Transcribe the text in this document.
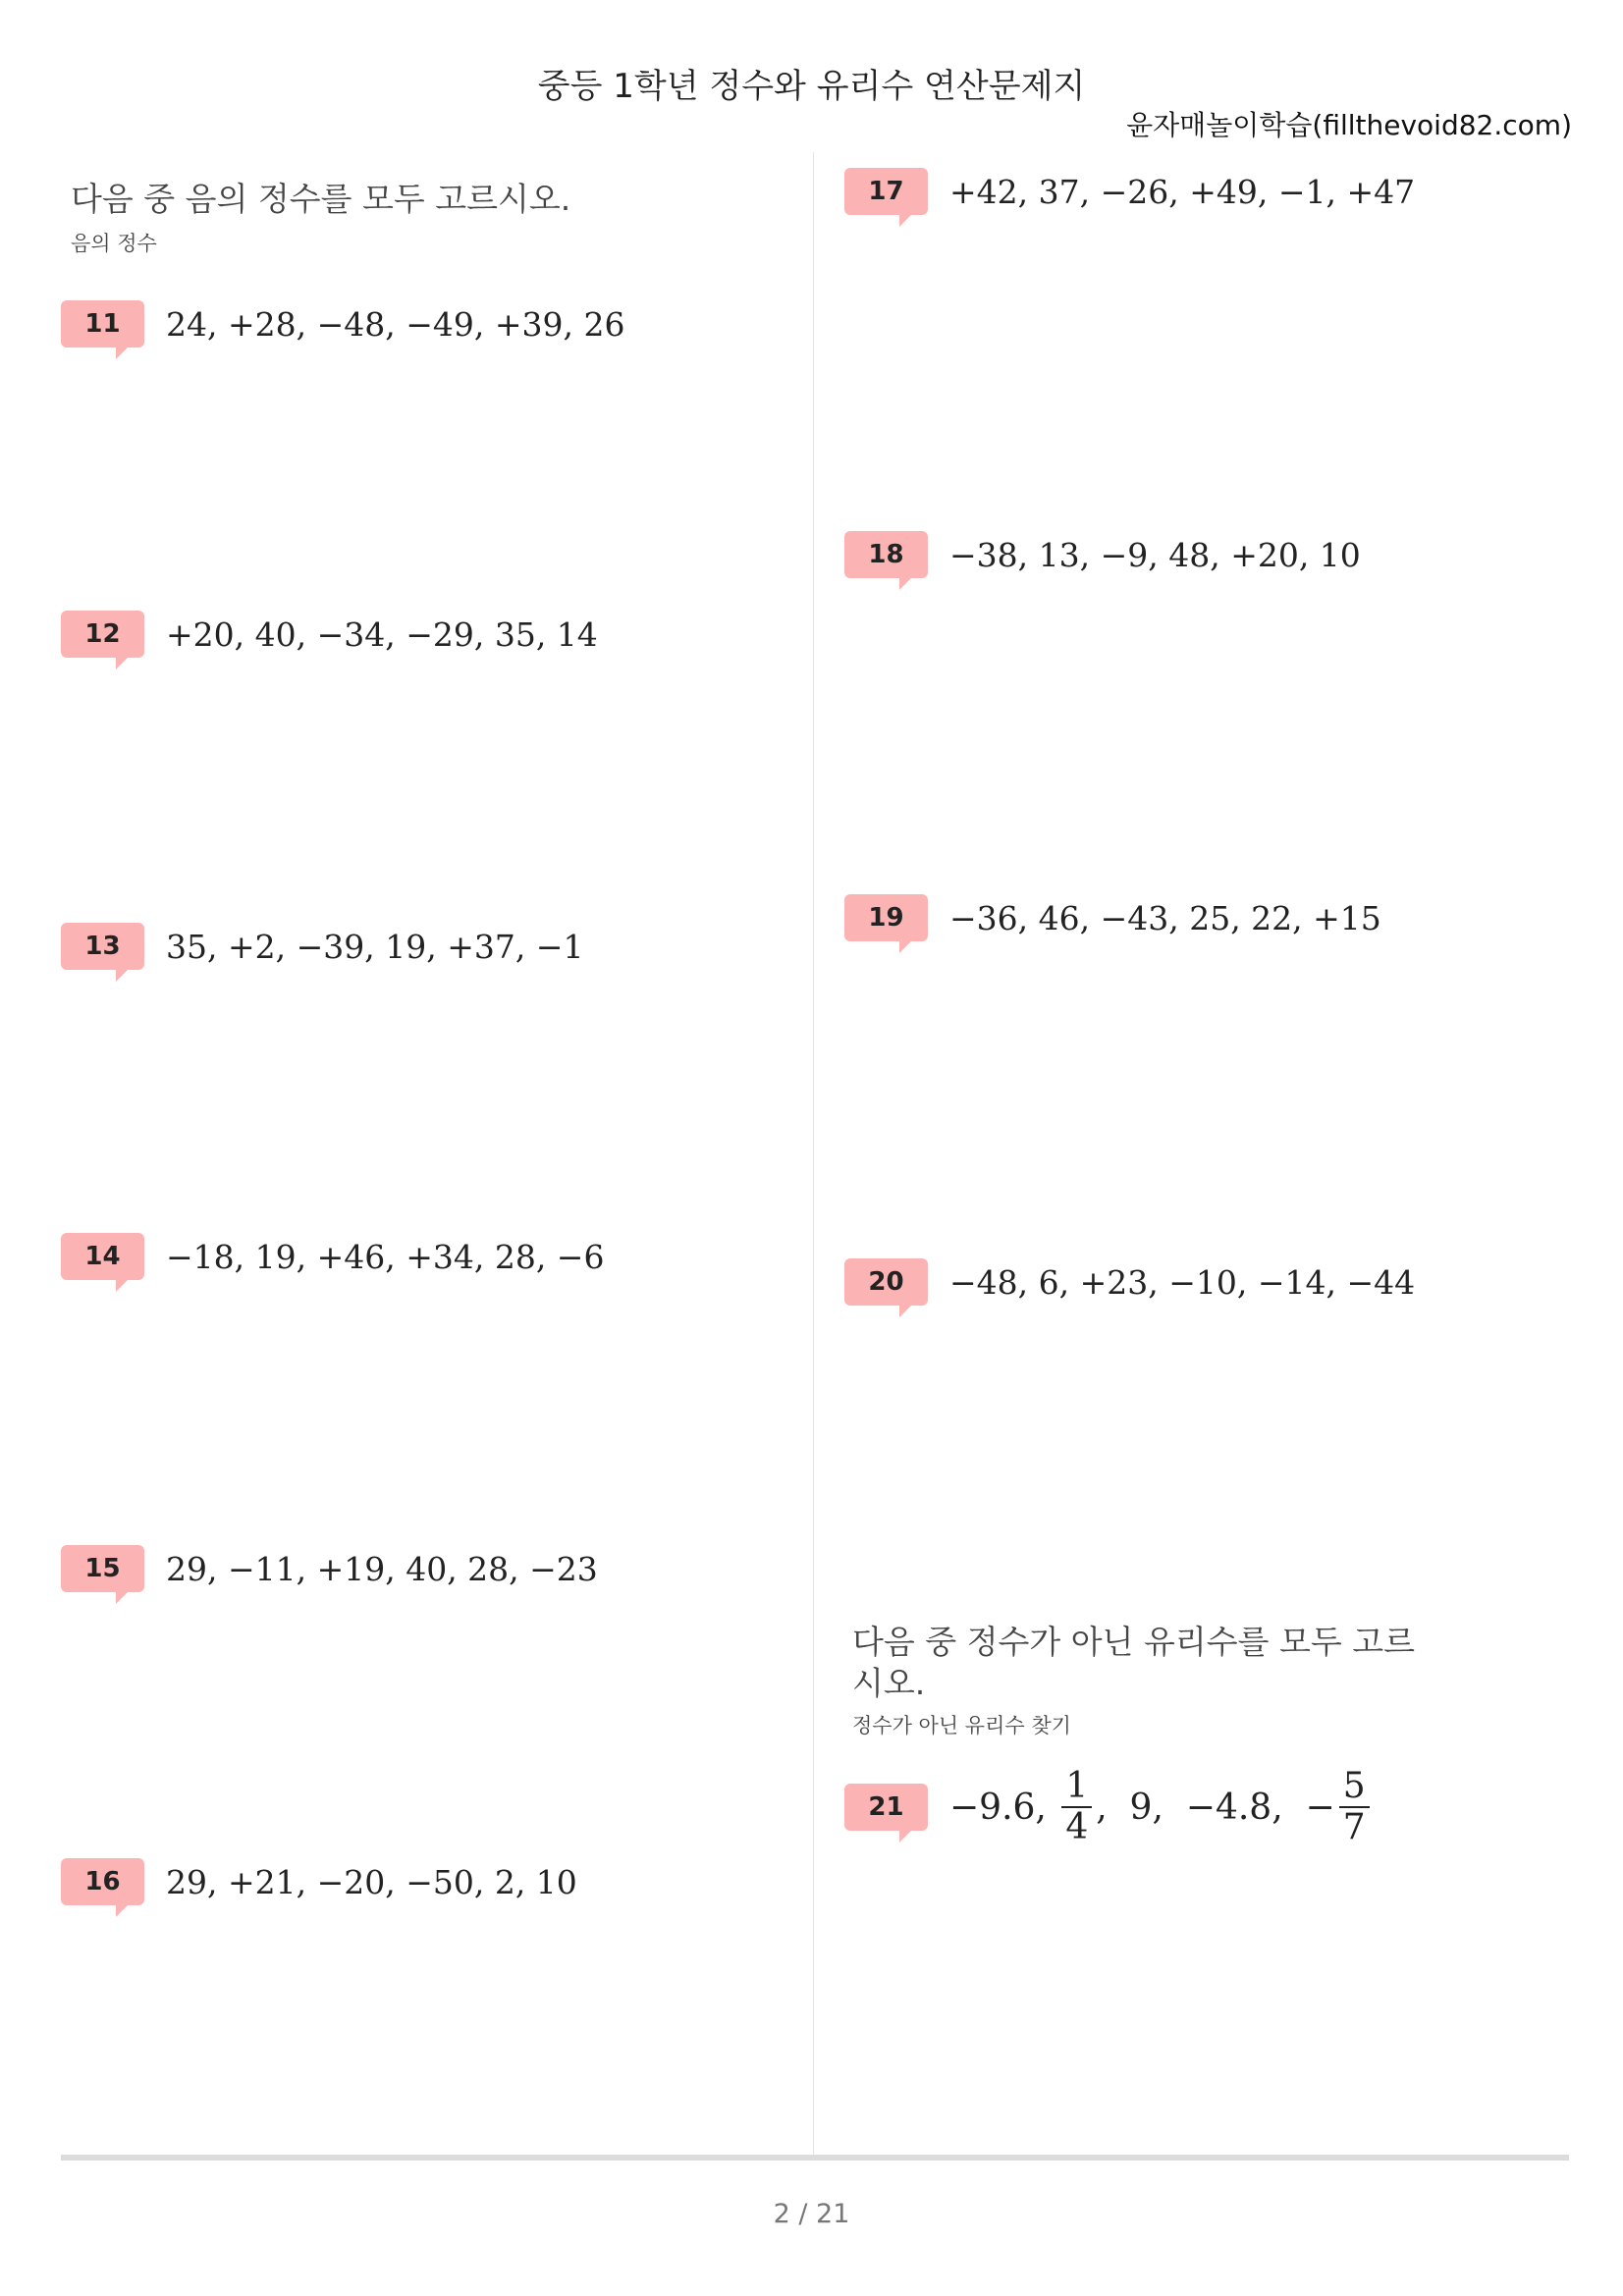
중등 1학년 정수와 유리수 연산문제지
윤자매놀이학습(fillthevoid82.com)
다음 중 음의 정수를 모두 고르시오.
음의 정수
11	24, +28, −48, −49, +39, 26
12	+20, 40, −34, −29, 35, 14
13	35, +2, −39, 19, +37, −1
14	−18, 19, +46, +34, 28, −6
15	29, −11, +19, 40, 28, −23
16	29, +21, −20, −50, 2, 10
17	+42, 37, −26, +49, −1, +47
18	−38, 13, −9, 48, +20, 10
19	−36, 46, −43, 25, 22, +15
20	−48, 6, +23, −10, −14, −44
다음 중 정수가 아닌 유리수를 모두 고르
시오.
정수가 아닌 유리수 찾기
21	−9.6, $\frac{1}{4}$ ,  9,  −4.8,  − $\frac{5}{7}$
2 / 21
